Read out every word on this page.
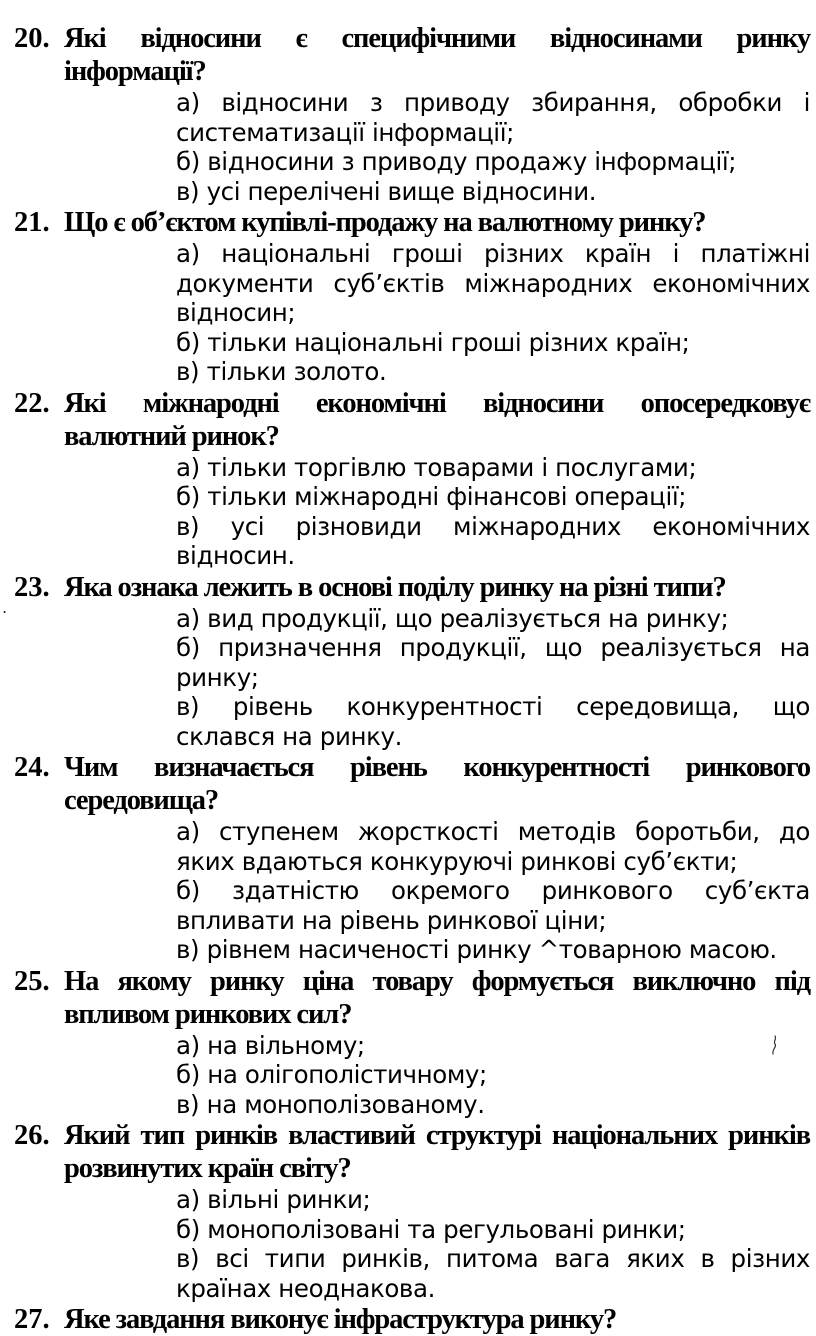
20. Які відносини є специфічними відносинами ринку інформації?

а) відносини з приводу збирання, обробки і систематизації інформації;

б) відносини з приводу продажу інформації;

в) усі перелічені вище відносини.

21. Що є об’єктом купівлі-продажу на валютному ринку?

а) національні гроші різних країн і платіжні документи суб’єктів міжнародних економічних відносин;

б) тільки національні гроші різних країн;

в) тільки золото.

22. Які міжнародні економічні відносини опосередковує валютний ринок?

а) тільки торгівлю товарами і послугами;

б) тільки міжнародні фінансові операції;

в) усі різновиди міжнародних економічних відносин.

23. Яка ознака лежить в основі поділу ринку на різні типи?

а) вид продукції, що реалізується на ринку;

б) призначення продукції, що реалізується на ринку;

в) рівень конкурентності середовища, що склався на ринку.

24. Чим визначається рівень конкурентності ринкового середовища?

а) ступенем жорсткості методів боротьби, до яких вдаються конкуруючі ринкові суб’єкти;

б) здатністю окремого ринкового суб’єкта впливати на рівень ринкової ціни;

в) рівнем насиченості ринку ^товарною масою.

25. На якому ринку ціна товару формується виключно під впливом ринкових сил?

а) на вільному;

б) на олігополістичному;

в) на монополізованому.

26. Який тип ринків властивий структурі національних ринків розвинутих країн світу?

а) вільні ринки;

б) монополізовані та регульовані ринки;

в) всі типи ринків, питома вага яких в різних країнах неоднакова.

27. Яке завдання виконує інфраструктура ринку?
.
